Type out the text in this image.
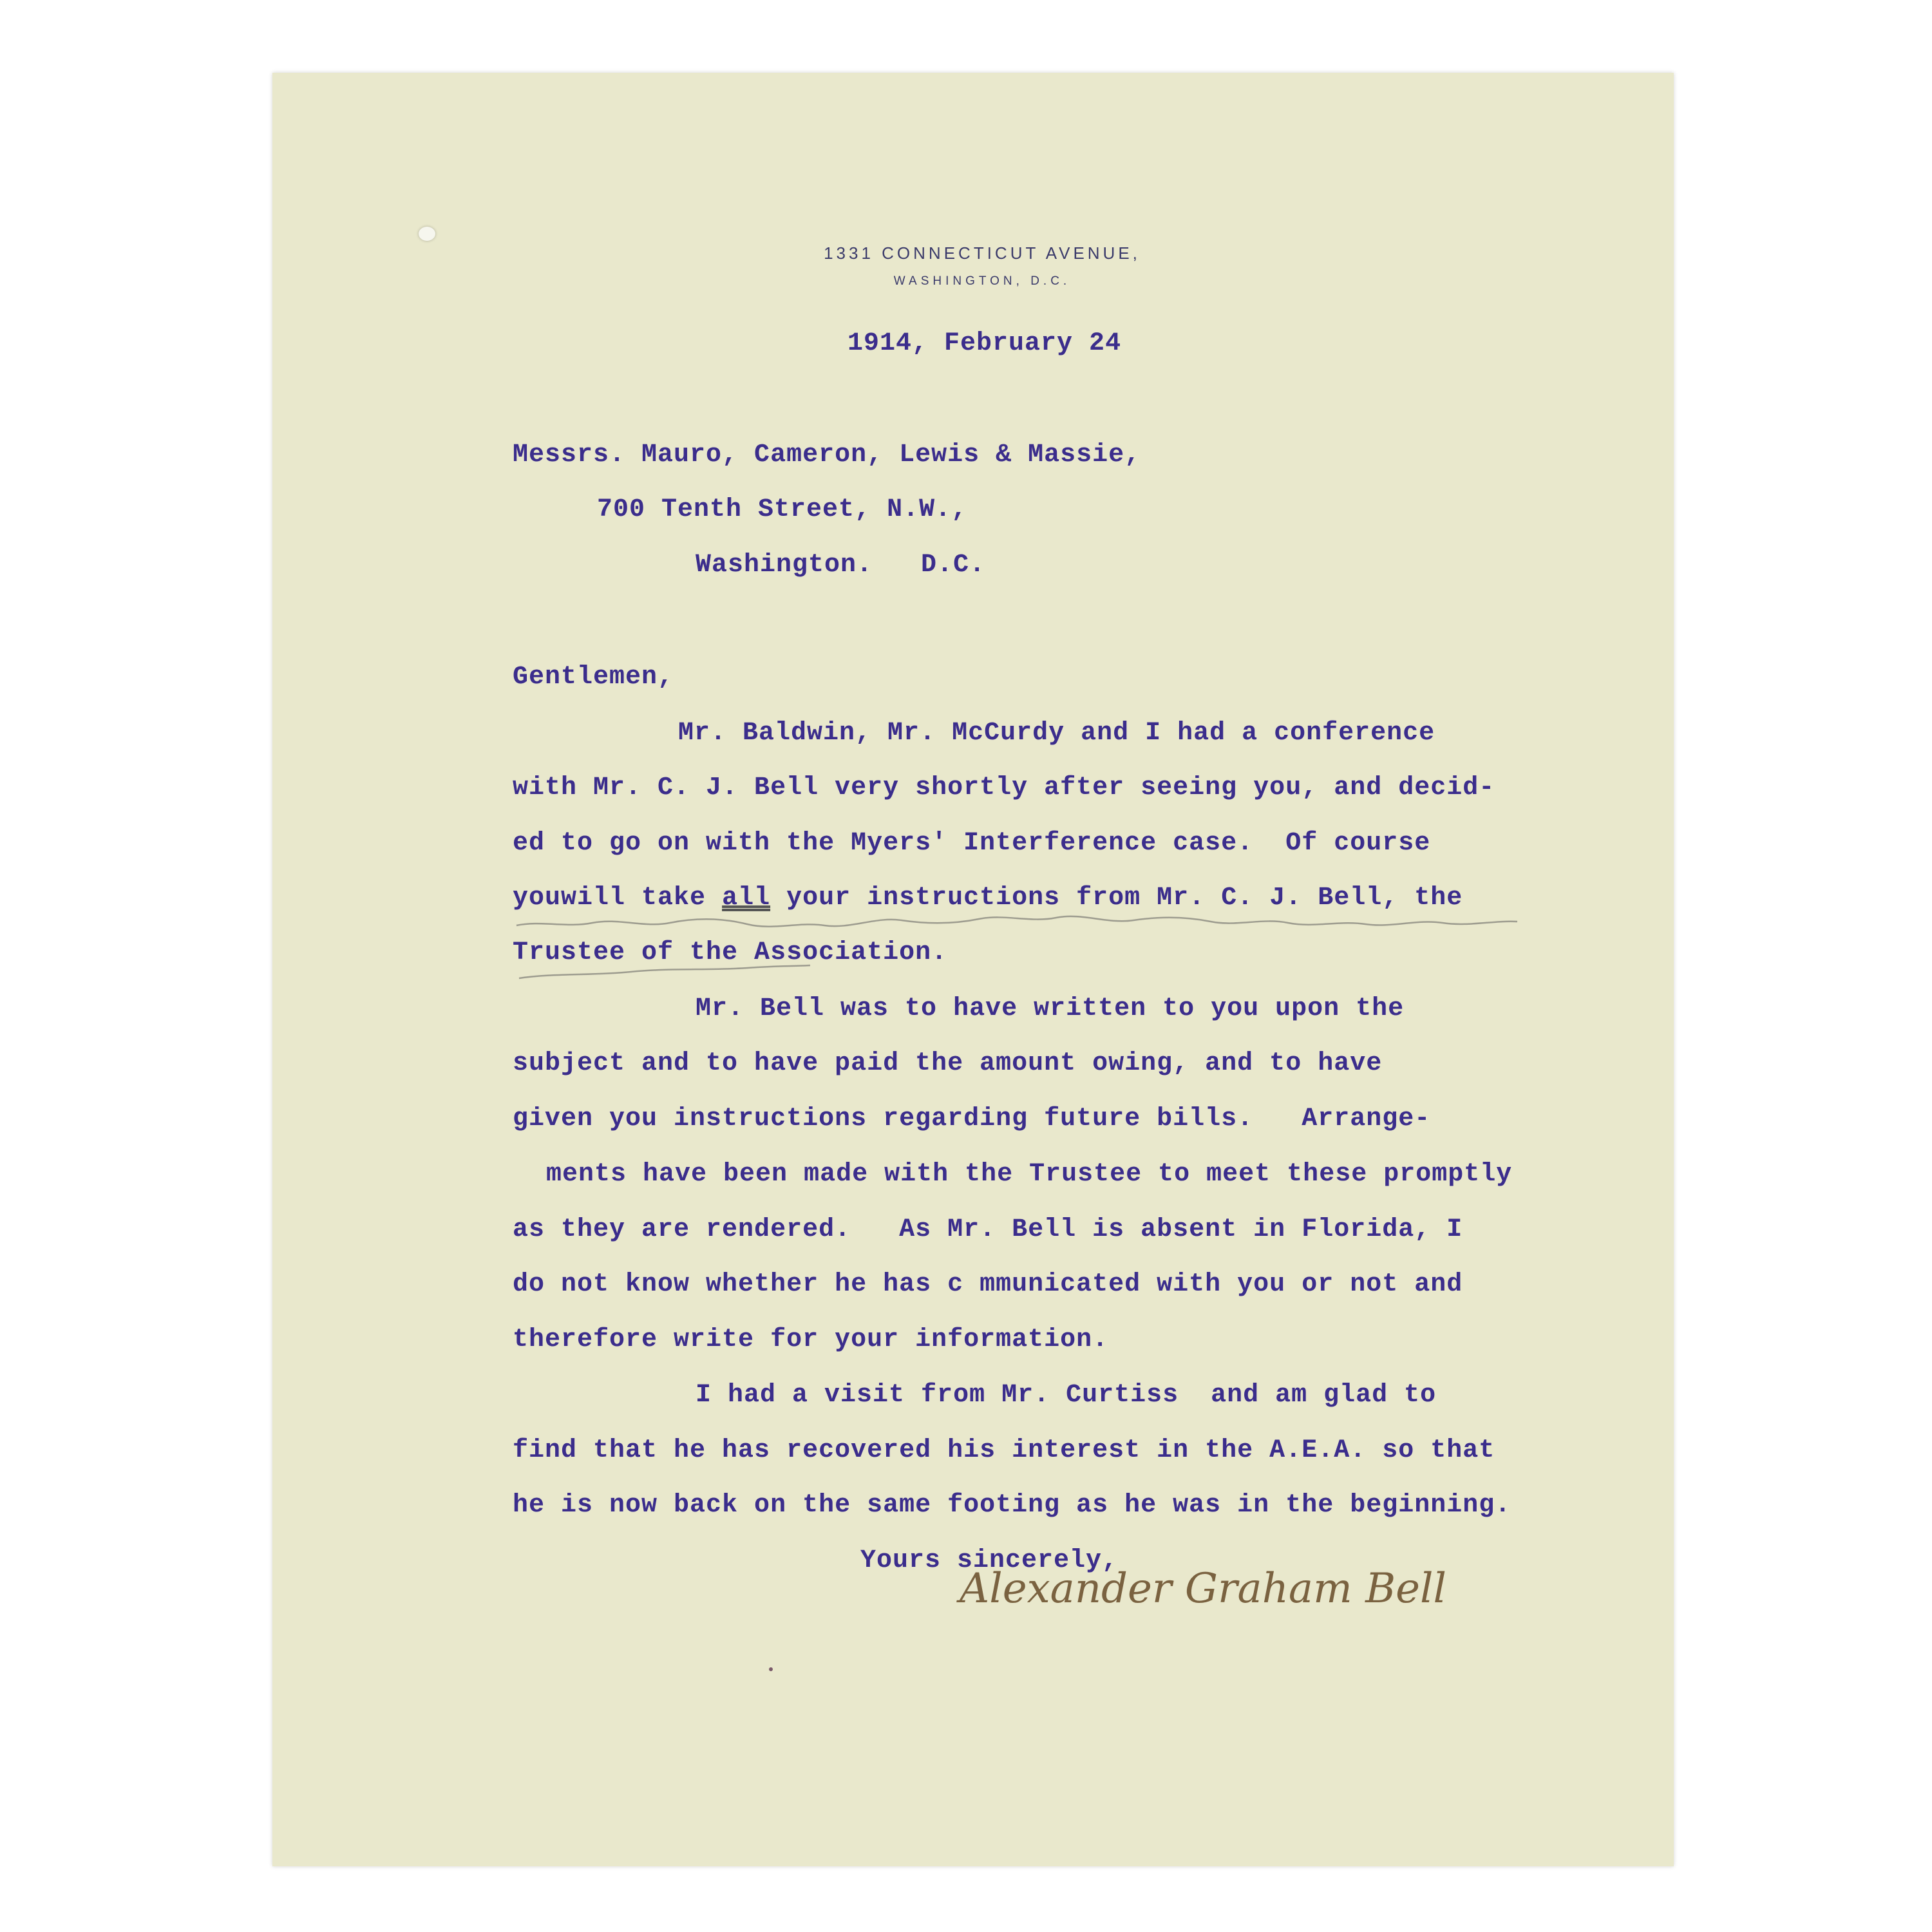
1331 CONNECTICUT AVENUE,
WASHINGTON, D.C.
1914, February 24
Messrs. Mauro, Cameron, Lewis & Massie,
700 Tenth Street, N.W.,
Washington.   D.C.
Gentlemen,
Mr. Baldwin, Mr. McCurdy and I had a conference
with Mr. C. J. Bell very shortly after seeing you, and decid-
ed to go on with the Myers' Interference case.  Of course
youwill take all your instructions from Mr. C. J. Bell, the
Trustee of the Association.
Mr. Bell was to have written to you upon the
subject and to have paid the amount owing, and to have
given you instructions regarding future bills.   Arrange-
ments have been made with the Trustee to meet these promptly
as they are rendered.   As Mr. Bell is absent in Florida, I
do not know whether he has c mmunicated with you or not and
therefore write for your information.
I had a visit from Mr. Curtiss  and am glad to
find that he has recovered his interest in the A.E.A. so that
he is now back on the same footing as he was in the beginning.
Yours sincerely,
Alexander Graham Bell
